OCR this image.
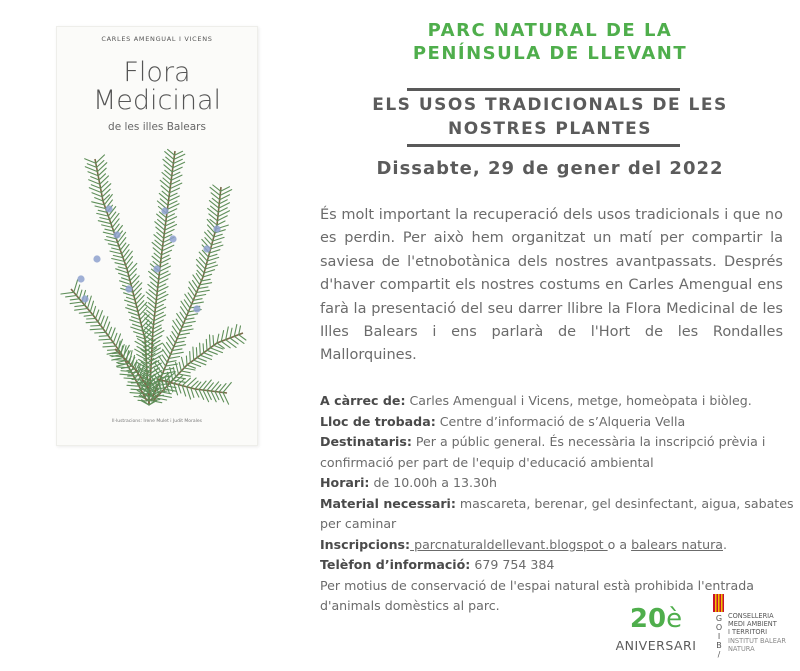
CARLES AMENGUAL I VICENS
Flora
Medicinal
de les illes Balears
Il·lustracions: Irene Mulet i Judit Morales
PARC NATURAL DE LA
PENÍNSULA DE LLEVANT
ELS USOS TRADICIONALS DE LES
NOSTRES PLANTES
Dissabte, 29 de gener del 2022
És molt important la recuperació dels usos tradicionals i que no es perdin. Per això hem organitzat un matí per compartir la saviesa de l'etnobotànica dels nostres avantpassats. Després d'haver compartit els nostres costums en Carles Amengual ens farà la presentació del seu darrer llibre la Flora Medicinal de les Illes Balears i ens parlarà de l'Hort de les Rondalles Mallorquines.

A càrrec de: Carles Amengual i Vicens, metge, homeòpata i biòleg.

Lloc de trobada: Centre d’informació de s’Alqueria Vella

Destinataris: Per a públic general. És necessària la inscripció prèvia i confirmació per part de l'equip d'educació ambiental

Horari: de 10.00h a 13.30h

Material necessari: mascareta, berenar, gel desinfectant, aigua, sabates per caminar

Inscripcions: parcnaturaldellevant.blogspot o a balears natura.

Telèfon d’informació: 679 754 384

Per motius de conservació de l'espai natural està prohibida l'entrada d'animals domèstics al parc.	20è
ANIVERSARI
G
O
I
B
/
CONSELLERIA
MEDI AMBIENT
I TERRITORI
INSTITUT BALEAR
NATURA
